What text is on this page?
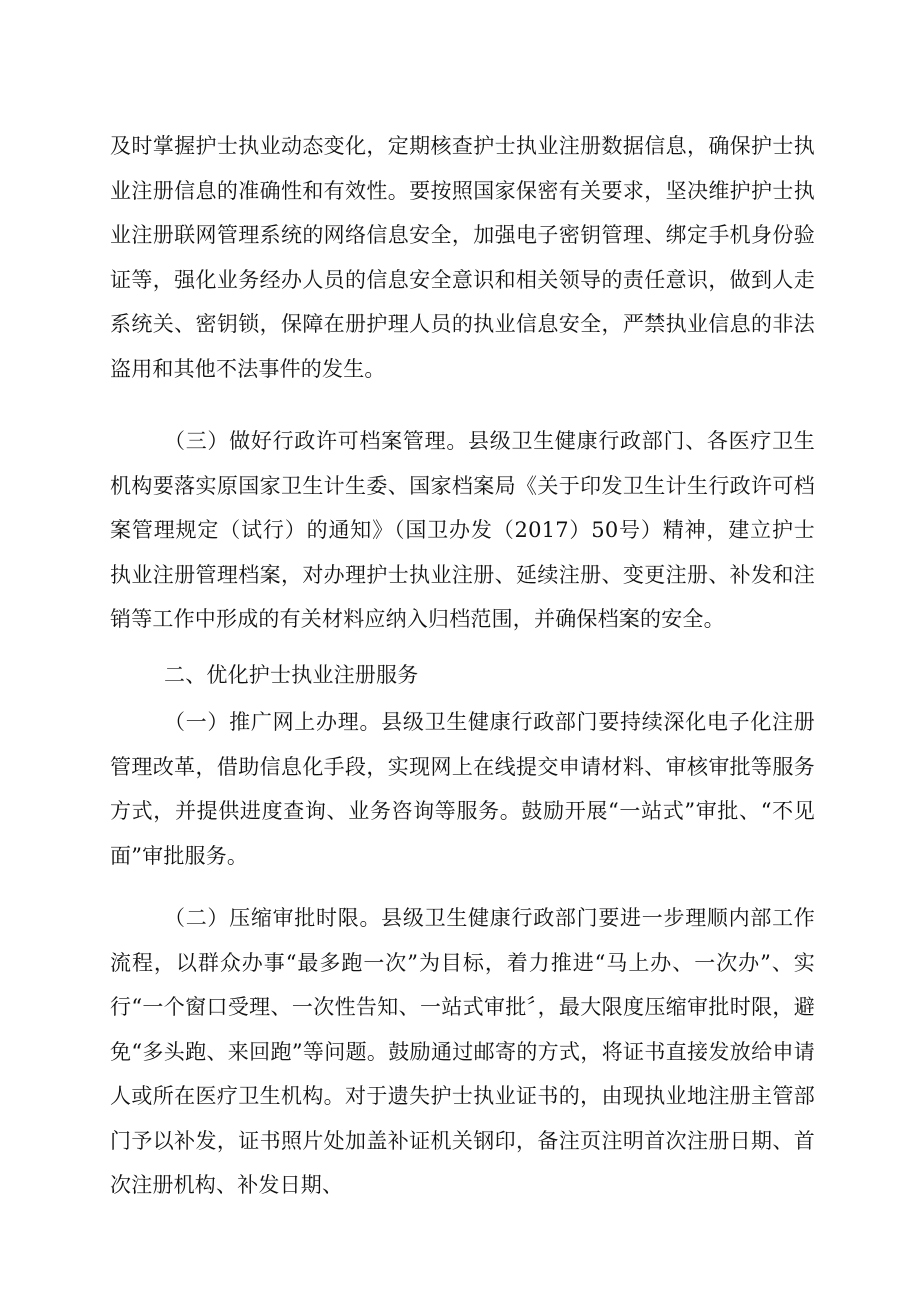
及时掌握护士执业动态变化，定期核查护士执业注册数据信息，确保护士执业注册信息的准确性和有效性。要按照国家保密有关要求，坚决维护护士执业注册联网管理系统的网络信息安全，加强电子密钥管理、绑定手机身份验证等，强化业务经办人员的信息安全意识和相关领导的责任意识，做到人走系统关、密钥锁，保障在册护理人员的执业信息安全，严禁执业信息的非法盗用和其他不法事件的发生。

（三）做好行政许可档案管理。县级卫生健康行政部门、各医疗卫生机构要落实原国家卫生计生委、国家档案局《关于印发卫生计生行政许可档案管理规定（试行）的通知》（国卫办发（2017）50号）精神，建立护士执业注册管理档案，对办理护士执业注册、延续注册、变更注册、补发和注销等工作中形成的有关材料应纳入归档范围，并确保档案的安全。

二、优化护士执业注册服务

（一）推广网上办理。县级卫生健康行政部门要持续深化电子化注册管理改革，借助信息化手段，实现网上在线提交申请材料、审核审批等服务方式，并提供进度查询、业务咨询等服务。鼓励开展“一站式”审批、“不见面”审批服务。

（二）压缩审批时限。县级卫生健康行政部门要进一步理顺内部工作流程，以群众办事“最多跑一次”为目标，着力推进“马上办、一次办”、实行“一个窗口受理、一次性告知、一站式审批〞，最大限度压缩审批时限，避免“多头跑、来回跑”等问题。鼓励通过邮寄的方式，将证书直接发放给申请人或所在医疗卫生机构。对于遗失护士执业证书的，由现执业地注册主管部门予以补发，证书照片处加盖补证机关钢印，备注页注明首次注册日期、首次注册机构、补发日期、
